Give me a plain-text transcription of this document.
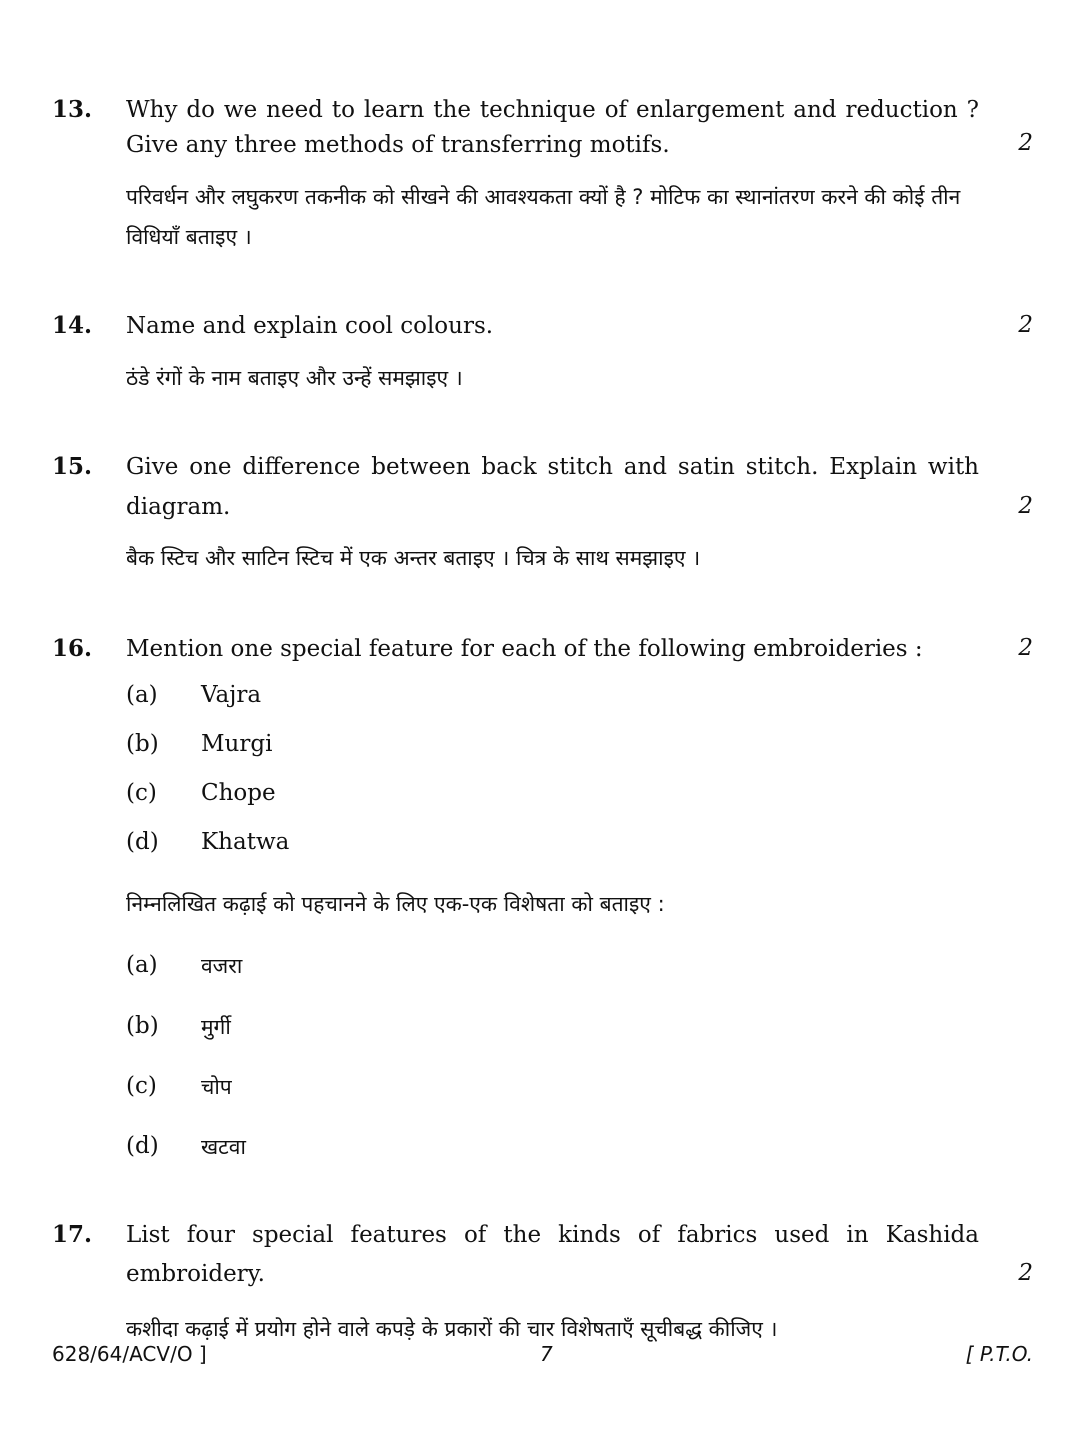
13. Why do we need to learn the technique of enlargement and reduction ?
Give any three methods of transferring motifs.	2
परिवर्धन और लघुकरण तकनीक को सीखने की आवश्यकता क्यों है ? मोटिफ का स्थानांतरण करने की कोई तीन विधियाँ बताइए ।
14. Name and explain cool colours.	2
ठंडे रंगों के नाम बताइए और उन्हें समझाइए ।
15. Give one difference between back stitch and satin stitch. Explain with
diagram.	2
बैक स्टिच और साटिन स्टिच में एक अन्तर बताइए । चित्र के साथ समझाइए ।
16. Mention one special feature for each of the following embroideries :	2
(a) Vajra
(b) Murgi
(c) Chope
(d) Khatwa
निम्नलिखित कढ़ाई को पहचानने के लिए एक-एक विशेषता को बताइए :
(a) वजरा
(b) मुर्गी
(c) चोप
(d) खटवा
17. List four special features of the kinds of fabrics used in Kashida
embroidery.	2
कशीदा कढ़ाई में प्रयोग होने वाले कपड़े के प्रकारों की चार विशेषताएँ सूचीबद्ध कीजिए ।
628/64/ACV/O ]	7	[ P.T.O.
